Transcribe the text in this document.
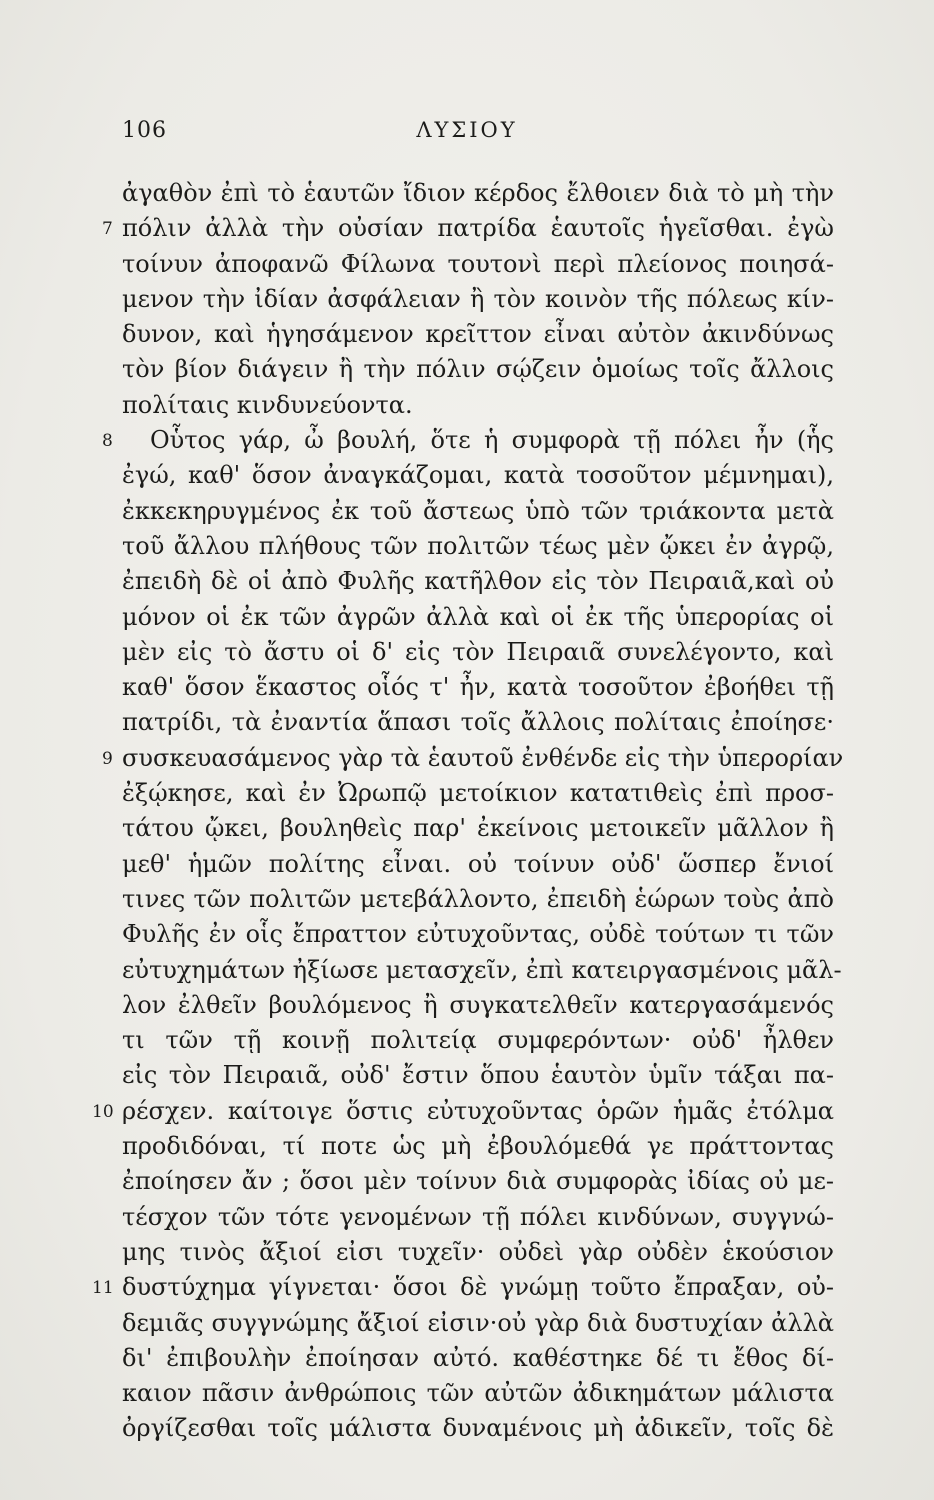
106	ΛΥΣΙΟΥ
ἀγαθὸν ἐπὶ τὸ ἑαυτῶν ἴδιον κέρδος ἔλθοιεν διὰ τὸ μὴ τὴν
7 πόλιν ἀλλὰ τὴν οὐσίαν πατρίδα ἑαυτοῖς ἡγεῖσθαι. ἐγὼ
τοίνυν ἀποφανῶ Φίλωνα τουτονὶ περὶ πλείονος ποιησά-
μενον τὴν ἰδίαν ἀσφάλειαν ἢ τὸν κοινὸν τῆς πόλεως κίν-
δυνον, καὶ ἡγησάμενον κρεῖττον εἶναι αὐτὸν ἀκινδύνως
τὸν βίον διάγειν ἢ τὴν πόλιν σῴζειν ὁμοίως τοῖς ἄλλοις
πολίταις κινδυνεύοντα.
8 Οὗτος γάρ, ὦ βουλή, ὅτε ἡ συμφορὰ τῇ πόλει ἦν (ἧς
ἐγώ, καθ' ὅσον ἀναγκάζομαι, κατὰ τοσοῦτον μέμνημαι),
ἐκκεκηρυγμένος ἐκ τοῦ ἄστεως ὑπὸ τῶν τριάκοντα μετὰ
τοῦ ἄλλου πλήθους τῶν πολιτῶν τέως μὲν ᾤκει ἐν ἀγρῷ,
ἐπειδὴ δὲ οἱ ἀπὸ Φυλῆς κατῆλθον εἰς τὸν Πειραιᾶ,καὶ οὐ
μόνον οἱ ἐκ τῶν ἀγρῶν ἀλλὰ καὶ οἱ ἐκ τῆς ὑπερορίας οἱ
μὲν εἰς τὸ ἄστυ οἱ δ' εἰς τὸν Πειραιᾶ συνελέγοντο, καὶ
καθ' ὅσον ἕκαστος οἷός τ' ἦν, κατὰ τοσοῦτον ἐβοήθει τῇ
πατρίδι, τὰ ἐναντία ἅπασι τοῖς ἄλλοις πολίταις ἐποίησε·
9 συσκευασάμενος γὰρ τὰ ἑαυτοῦ ἐνθένδε εἰς τὴν ὑπερορίαν
ἐξῴκησε, καὶ ἐν Ὠρωπῷ μετοίκιον κατατιθεὶς ἐπὶ προσ-
τάτου ᾤκει, βουληθεὶς παρ' ἐκείνοις μετοικεῖν μᾶλλον ἢ
μεθ' ἡμῶν πολίτης εἶναι. οὐ τοίνυν οὐδ' ὥσπερ ἔνιοί
τινες τῶν πολιτῶν μετεβάλλοντο, ἐπειδὴ ἑώρων τοὺς ἀπὸ
Φυλῆς ἐν οἷς ἔπραττον εὐτυχοῦντας, οὐδὲ τούτων τι τῶν
εὐτυχημάτων ἠξίωσε μετασχεῖν, ἐπὶ κατειργασμένοις μᾶλ-
λον ἐλθεῖν βουλόμενος ἢ συγκατελθεῖν κατεργασάμενός
τι τῶν τῇ κοινῇ πολιτείᾳ συμφερόντων· οὐδ' ἦλθεν
εἰς τὸν Πειραιᾶ, οὐδ' ἔστιν ὅπου ἑαυτὸν ὑμῖν τάξαι πα-
10 ρέσχεν. καίτοιγε ὅστις εὐτυχοῦντας ὁρῶν ἡμᾶς ἐτόλμα
προδιδόναι, τί ποτε ὡς μὴ ἐβουλόμεθά γε πράττοντας
ἐποίησεν ἄν ; ὅσοι μὲν τοίνυν διὰ συμφορὰς ἰδίας οὐ με-
τέσχον τῶν τότε γενομένων τῇ πόλει κινδύνων, συγγνώ-
μης τινὸς ἄξιοί εἰσι τυχεῖν· οὐδεὶ γὰρ οὐδὲν ἑκούσιον
11 δυστύχημα γίγνεται· ὅσοι δὲ γνώμῃ τοῦτο ἔπραξαν, οὐ-
δεμιᾶς συγγνώμης ἄξιοί εἰσιν·οὐ γὰρ διὰ δυστυχίαν ἀλλὰ
δι' ἐπιβουλὴν ἐποίησαν αὐτό. καθέστηκε δέ τι ἔθος δί-
καιον πᾶσιν ἀνθρώποις τῶν αὐτῶν ἀδικημάτων μάλιστα
ὀργίζεσθαι τοῖς μάλιστα δυναμένοις μὴ ἀδικεῖν, τοῖς δὲ
